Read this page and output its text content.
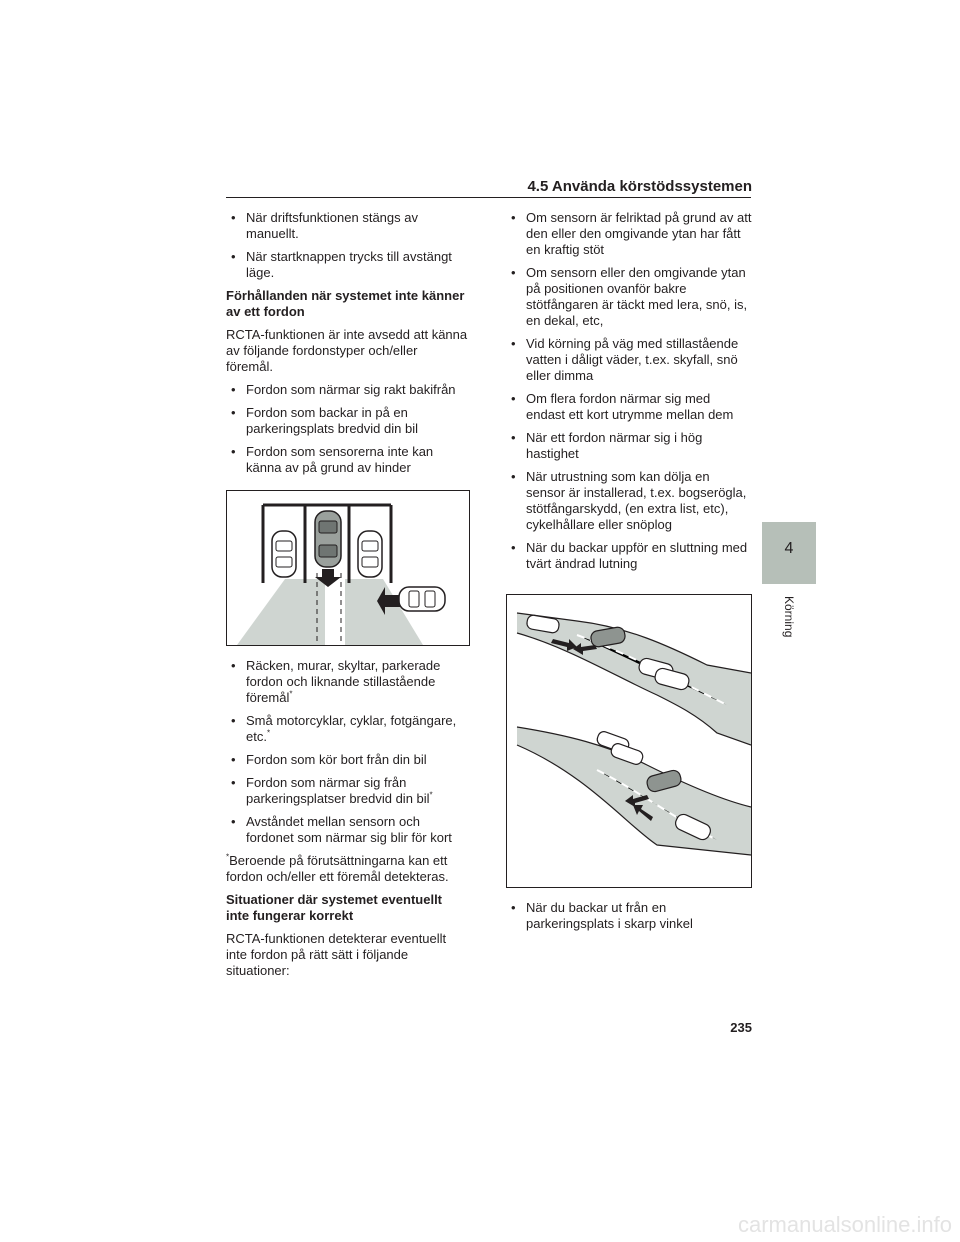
4.5 Använda körstödssystemen
• När driftsfunktionen stängs av manuellt.
• När startknappen trycks till avstängt läge.
Förhållanden när systemet inte känner av ett fordon
RCTA-funktionen är inte avsedd att känna av följande fordonstyper och/eller föremål.
• Fordon som närmar sig rakt bakifrån
• Fordon som backar in på en parkeringsplats bredvid din bil
• Fordon som sensorerna inte kan känna av på grund av hinder
• Räcken, murar, skyltar, parkerade fordon och liknande stillastående föremål*
• Små motorcyklar, cyklar, fotgängare, etc.*
• Fordon som kör bort från din bil
• Fordon som närmar sig från parkeringsplatser bredvid din bil*
• Avståndet mellan sensorn och fordonet som närmar sig blir för kort
*Beroende på förutsättningarna kan ett fordon och/eller ett föremål detekteras.
Situationer där systemet eventuellt inte fungerar korrekt
RCTA-funktionen detekterar eventuellt inte fordon på rätt sätt i följande situationer:
• Om sensorn är felriktad på grund av att den eller den omgivande ytan har fått en kraftig stöt
• Om sensorn eller den omgivande ytan på positionen ovanför bakre stötfångaren är täckt med lera, snö, is, en dekal, etc,
• Vid körning på väg med stillastående vatten i dåligt väder, t.ex. skyfall, snö eller dimma
• Om flera fordon närmar sig med endast ett kort utrymme mellan dem
• När ett fordon närmar sig i hög hastighet
• När utrustning som kan dölja en sensor är installerad, t.ex. bogserögla, stötfångarskydd, (en extra list, etc), cykelhållare eller snöplog
• När du backar uppför en sluttning med tvärt ändrad lutning
• När du backar ut från en parkeringsplats i skarp vinkel
4
Körning
235
carmanualsonline.info
